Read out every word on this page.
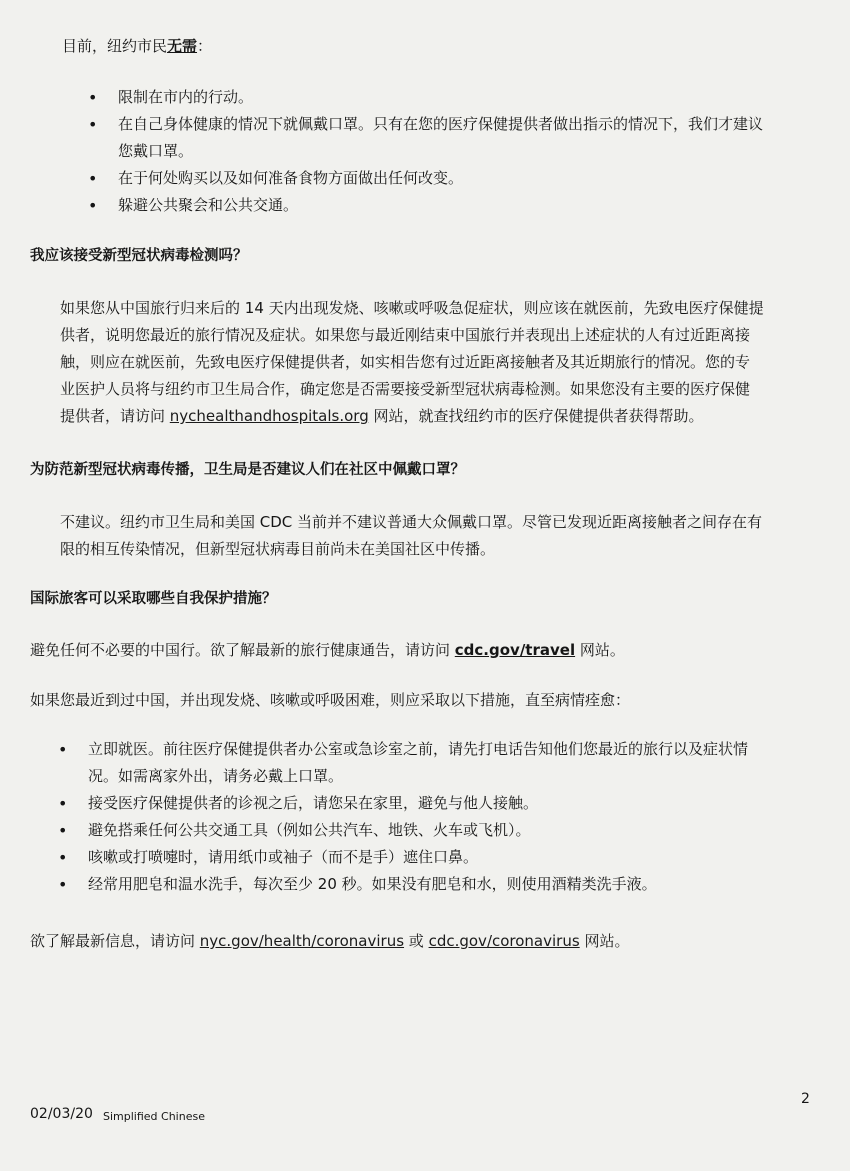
目前，纽约市民无需：
• 限制在市内的行动。
• 在自己身体健康的情况下就佩戴口罩。只有在您的医疗保健提供者做出指示的情况下，我们才建议
您戴口罩。
• 在于何处购买以及如何准备食物方面做出任何改变。
• 躲避公共聚会和公共交通。
我应该接受新型冠状病毒检测吗？
如果您从中国旅行归来后的 14 天内出现发烧、咳嗽或呼吸急促症状，则应该在就医前，先致电医疗保健提
供者，说明您最近的旅行情况及症状。如果您与最近刚结束中国旅行并表现出上述症状的人有过近距离接
触，则应在就医前，先致电医疗保健提供者，如实相告您有过近距离接触者及其近期旅行的情况。您的专
业医护人员将与纽约市卫生局合作，确定您是否需要接受新型冠状病毒检测。如果您没有主要的医疗保健
提供者，请访问 nychealthandhospitals.org 网站，就查找纽约市的医疗保健提供者获得帮助。
为防范新型冠状病毒传播，卫生局是否建议人们在社区中佩戴口罩？
不建议。纽约市卫生局和美国 CDC 当前并不建议普通大众佩戴口罩。尽管已发现近距离接触者之间存在有
限的相互传染情况，但新型冠状病毒目前尚未在美国社区中传播。
国际旅客可以采取哪些自我保护措施？
避免任何不必要的中国行。欲了解最新的旅行健康通告，请访问 cdc.gov/travel 网站。
如果您最近到过中国，并出现发烧、咳嗽或呼吸困难，则应采取以下措施，直至病情痊愈：
• 立即就医。前往医疗保健提供者办公室或急诊室之前，请先打电话告知他们您最近的旅行以及症状情
况。如需离家外出，请务必戴上口罩。
• 接受医疗保健提供者的诊视之后，请您呆在家里，避免与他人接触。
• 避免搭乘任何公共交通工具（例如公共汽车、地铁、火车或飞机）。
• 咳嗽或打喷嚏时，请用纸巾或袖子（而不是手）遮住口鼻。
• 经常用肥皂和温水洗手，每次至少 20 秒。如果没有肥皂和水，则使用酒精类洗手液。
欲了解最新信息，请访问 nyc.gov/health/coronavirus 或 cdc.gov/coronavirus 网站。
02/03/20 Simplified Chinese
2
